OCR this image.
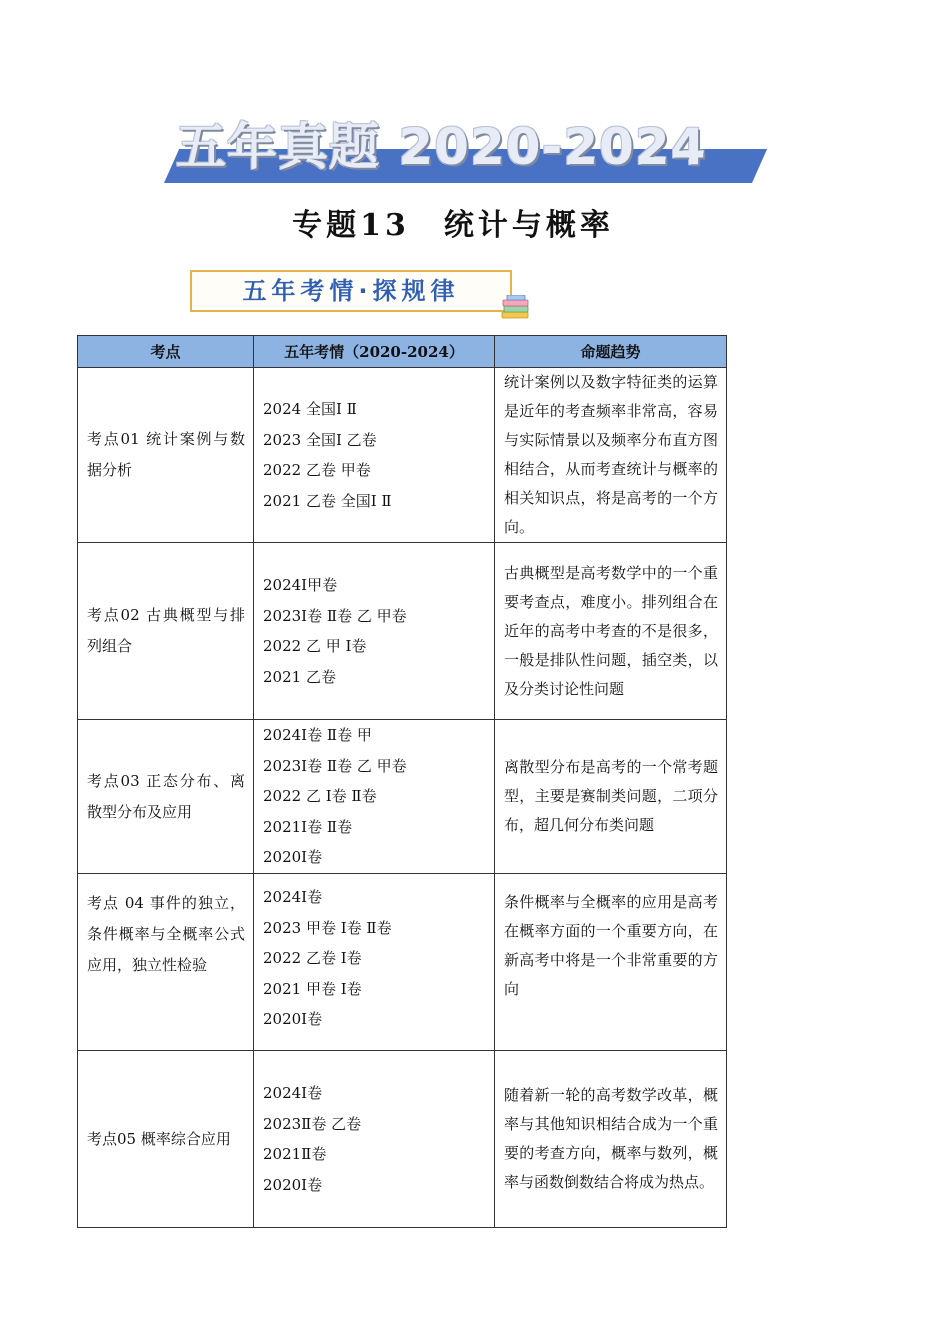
五年真题 2020-2024
专题13　统计与概率
五年考情·探规律
考点	五年考情（2020-2024）	命题趋势
考点01 统计案例与数据分析	2024 全国Ⅰ Ⅱ
2023 全国Ⅰ 乙卷
2022 乙卷 甲卷
2021 乙卷 全国Ⅰ Ⅱ	统计案例以及数字特征类的运算是近年的考查频率非常高，容易与实际情景以及频率分布直方图相结合，从而考查统计与概率的相关知识点，将是高考的一个方向。
考点02 古典概型与排列组合	2024Ⅰ甲卷
2023Ⅰ卷 Ⅱ卷 乙 甲卷
2022 乙 甲 Ⅰ卷
2021 乙卷	古典概型是高考数学中的一个重要考查点，难度小。排列组合在近年的高考中考查的不是很多，一般是排队性问题，插空类，以及分类讨论性问题
考点03 正态分布、离散型分布及应用	2024Ⅰ卷 Ⅱ卷 甲
2023Ⅰ卷 Ⅱ卷 乙 甲卷
2022 乙 Ⅰ卷 Ⅱ卷
2021Ⅰ卷 Ⅱ卷
2020Ⅰ卷	离散型分布是高考的一个常考题型，主要是赛制类问题，二项分布，超几何分布类问题
考点 04 事件的独立，条件概率与全概率公式应用，独立性检验	2024Ⅰ卷
2023 甲卷 Ⅰ卷 Ⅱ卷
2022 乙卷 Ⅰ卷
2021 甲卷 Ⅰ卷
2020Ⅰ卷	条件概率与全概率的应用是高考在概率方面的一个重要方向，在新高考中将是一个非常重要的方向
考点05 概率综合应用	2024Ⅰ卷
2023Ⅱ卷 乙卷
2021Ⅱ卷
2020Ⅰ卷	随着新一轮的高考数学改革，概率与其他知识相结合成为一个重要的考查方向，概率与数列，概率与函数倒数结合将成为热点。
